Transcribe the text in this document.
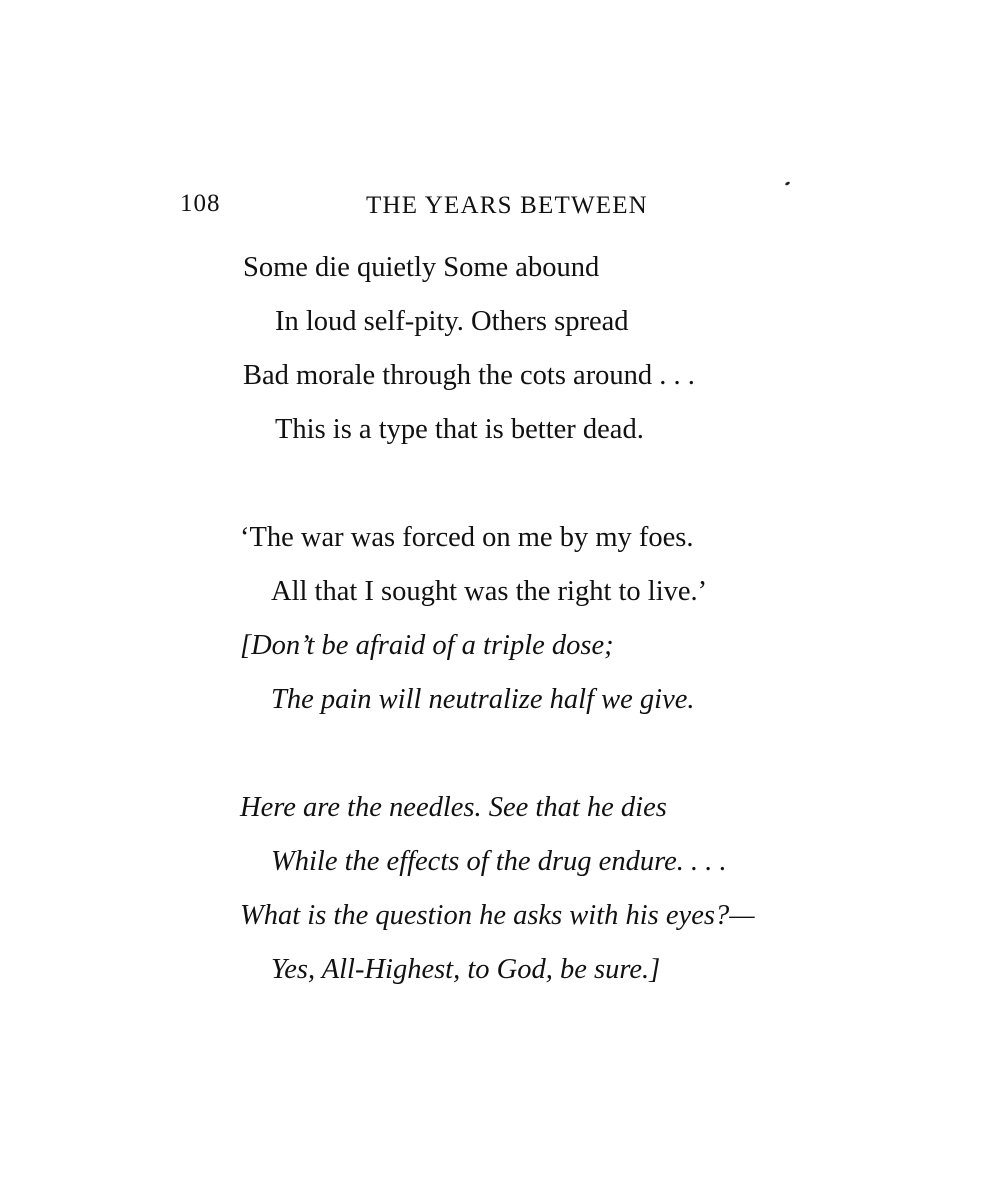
108	THE YEARS BETWEEN
Some die quietly Some abound
In loud self-pity. Others spread
Bad morale through the cots around . . .
This is a type that is better dead.
‘The war was forced on me by my foes.
All that I sought was the right to live.’
[Don’t be afraid of a triple dose;
The pain will neutralize half we give.
Here are the needles. See that he dies
While the effects of the drug endure. . . .
What is the question he asks with his eyes?—
Yes, All-Highest, to God, be sure.]
